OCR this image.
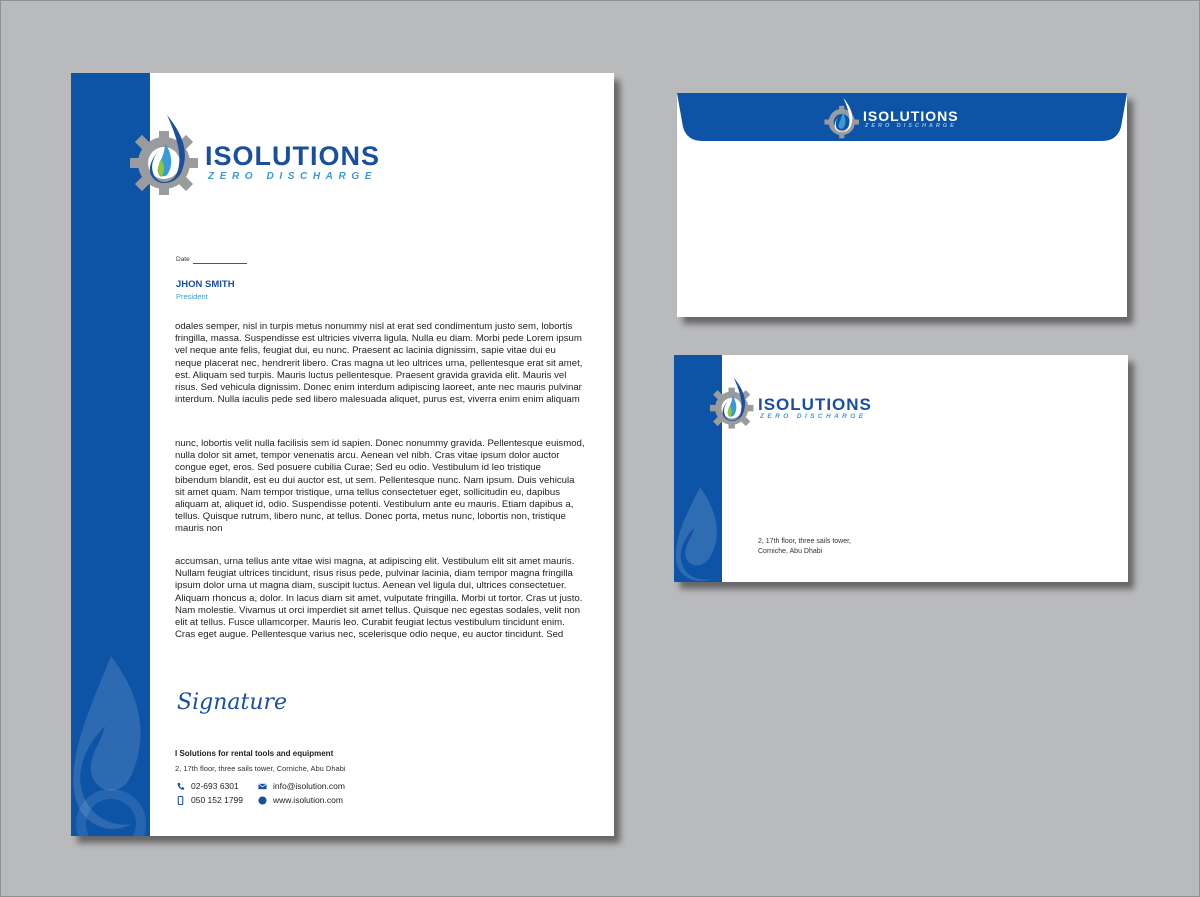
ISOLUTIONS
ZERO DISCHARGE
Date
JHON SMITH
President

odales semper, nisl in turpis metus nonummy nisl at erat sed condimentum justo sem, lobortis fringilla, massa. Suspendisse est ultricies viverra ligula. Nulla eu diam. Morbi pede Lorem ipsum vel neque ante felis, feugiat dui, eu nunc. Praesent ac lacinia dignissim, sapie vitae dui eu neque placerat nec, hendrerit libero. Cras magna ut leo ultrices urna, pellentesque erat sit amet, est. Aliquam sed turpis. Mauris luctus pellentesque. Praesent gravida gravida elit. Mauris vel risus. Sed vehicula dignissim. Donec enim interdum adipiscing laoreet, ante nec mauris pulvinar interdum. Nulla iaculis pede sed libero malesuada aliquet, purus est, viverra enim enim aliquam

nunc, lobortis velit nulla facilisis sem id sapien. Donec nonummy gravida. Pellentesque euismod, nulla dolor sit amet, tempor venenatis arcu. Aenean vel nibh. Cras vitae ipsum dolor auctor congue eget, eros. Sed posuere cubilia Curae; Sed eu odio. Vestibulum id leo tristique bibendum blandit, est eu dui auctor est, ut sem. Pellentesque nunc. Nam ipsum. Duis vehicula sit amet quam. Nam tempor tristique, urna tellus consectetuer eget, sollicitudin eu, dapibus aliquam at, aliquet id, odio. Suspendisse potenti. Vestibulum ante eu mauris. Etiam dapibus a, tellus. Quisque rutrum, libero nunc, at tellus. Donec porta, metus nunc, lobortis non, tristique mauris non

accumsan, urna tellus ante vitae wisi magna, at adipiscing elit. Vestibulum elit sit amet mauris. Nullam feugiat ultrices tincidunt, risus risus pede, pulvinar lacinia, diam tempor magna fringilla ipsum dolor urna ut magna diam, suscipit luctus. Aenean vel ligula dui, ultrices consectetuer. Aliquam rhoncus a, dolor. In lacus diam sit amet, vulputate fringilla. Morbi ut tortor. Cras ut justo. Nam molestie. Vivamus ut orci imperdiet sit amet tellus. Quisque nec egestas sodales, velit non elit at tellus. Fusce ullamcorper. Mauris leo. Curabit feugiat lectus vestibulum tincidunt enim. Cras eget augue. Pellentesque varius nec, scelerisque odio neque, eu auctor tincidunt. Sed

Signature
I Solutions for rental tools and equipment
2, 17th floor, three sails tower, Corniche, Abu Dhabi
02-693 6301
050 152 1799
info@isolution.com
www.isolution.com
ISOLUTIONS
ZERO DISCHARGE
ISOLUTIONS
ZERO DISCHARGE
2, 17th floor, three sails tower,
Corniche, Abu Dhabi
